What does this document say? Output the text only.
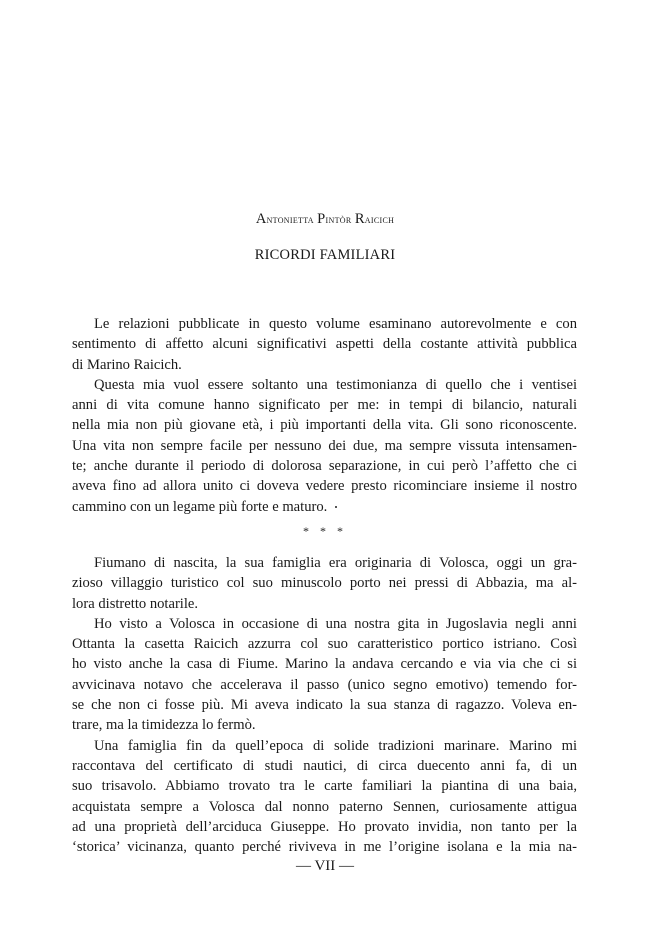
Antonietta Pintòr Raicich
RICORDI FAMILIARI
Le relazioni pubblicate in questo volume esaminano autorevolmente e con
sentimento di affetto alcuni significativi aspetti della costante attività pubblica
di Marino Raicich.
Questa mia vuol essere soltanto una testimonianza di quello che i ventisei
anni di vita comune hanno significato per me: in tempi di bilancio, naturali
nella mia non più giovane età, i più importanti della vita. Gli sono riconoscente.
Una vita non sempre facile per nessuno dei due, ma sempre vissuta intensamen-
te; anche durante il periodo di dolorosa separazione, in cui però l’affetto che ci
aveva fino ad allora unito ci doveva vedere presto ricominciare insieme il nostro
cammino con un legame più forte e maturo.
* * *
Fiumano di nascita, la sua famiglia era originaria di Volosca, oggi un gra-
zioso villaggio turistico col suo minuscolo porto nei pressi di Abbazia, ma al-
lora distretto notarile.
Ho visto a Volosca in occasione di una nostra gita in Jugoslavia negli anni
Ottanta la casetta Raicich azzurra col suo caratteristico portico istriano. Così
ho visto anche la casa di Fiume. Marino la andava cercando e via via che ci si
avvicinava notavo che accelerava il passo (unico segno emotivo) temendo for-
se che non ci fosse più. Mi aveva indicato la sua stanza di ragazzo. Voleva en-
trare, ma la timidezza lo fermò.
Una famiglia fin da quell’epoca di solide tradizioni marinare. Marino mi
raccontava del certificato di studi nautici, di circa duecento anni fa, di un
suo trisavolo. Abbiamo trovato tra le carte familiari la piantina di una baia,
acquistata sempre a Volosca dal nonno paterno Sennen, curiosamente attigua
ad una proprietà dell’arciduca Giuseppe. Ho provato invidia, non tanto per la
‘storica’ vicinanza, quanto perché riviveva in me l’origine isolana e la mia na-
— VII —
